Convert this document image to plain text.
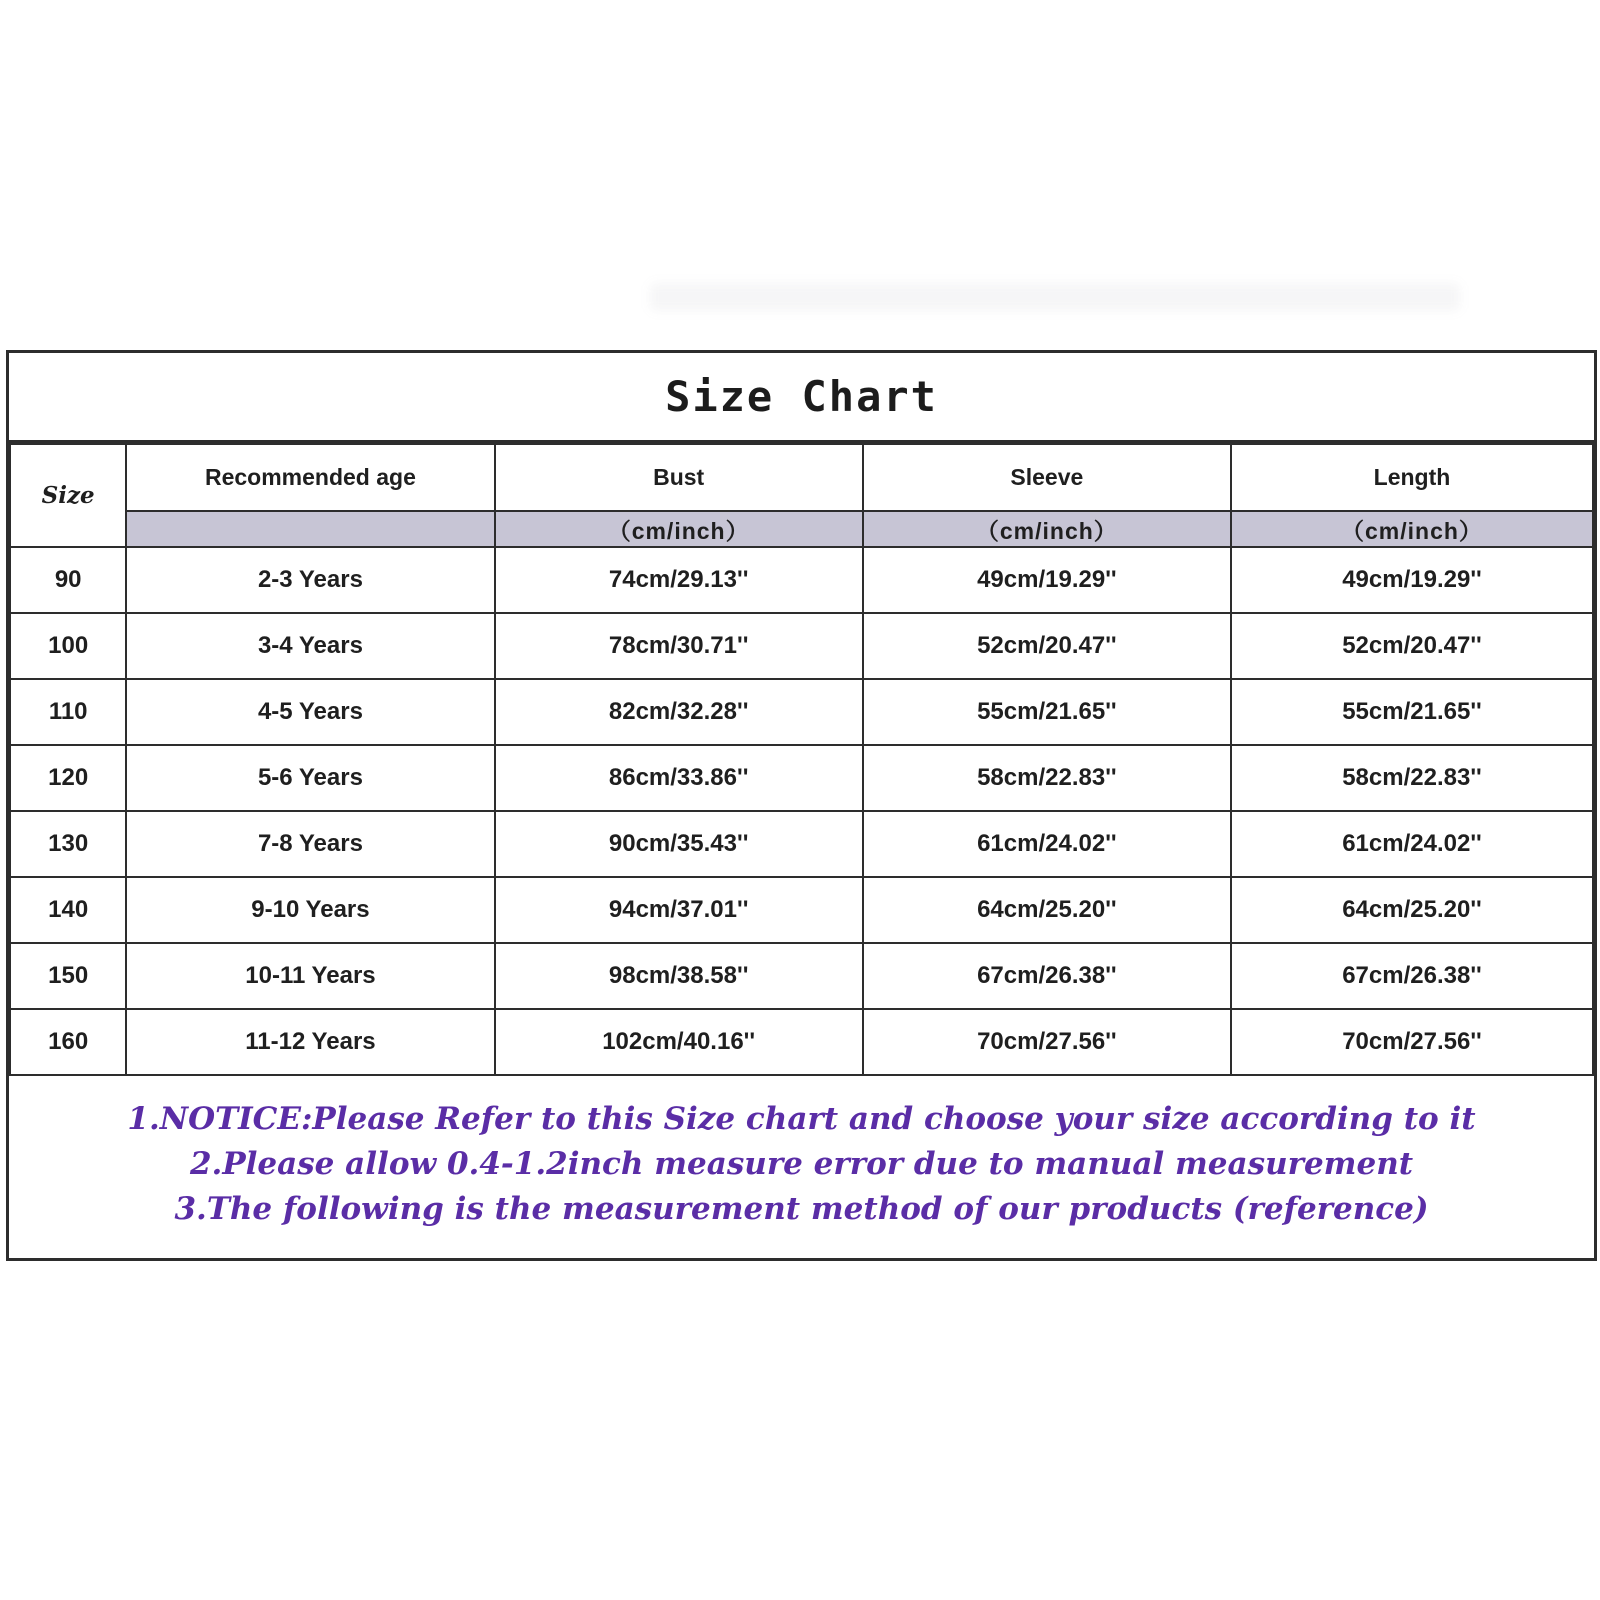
Size Chart
Size	Recommended age	Bust	Sleeve	Length
		（cm/inch）	（cm/inch）	（cm/inch）
90	2-3 Years	74cm/29.13''	49cm/19.29''	49cm/19.29''
100	3-4 Years	78cm/30.71''	52cm/20.47''	52cm/20.47''
110	4-5 Years	82cm/32.28''	55cm/21.65''	55cm/21.65''
120	5-6 Years	86cm/33.86''	58cm/22.83''	58cm/22.83''
130	7-8 Years	90cm/35.43''	61cm/24.02''	61cm/24.02''
140	9-10 Years	94cm/37.01''	64cm/25.20''	64cm/25.20''
150	10-11 Years	98cm/38.58''	67cm/26.38''	67cm/26.38''
160	11-12 Years	102cm/40.16''	70cm/27.56''	70cm/27.56''
1.NOTICE:Please Refer to this Size chart and choose your size according to it
2.Please allow 0.4-1.2inch measure error due to manual measurement
3.The following is the measurement method of our products (reference)
